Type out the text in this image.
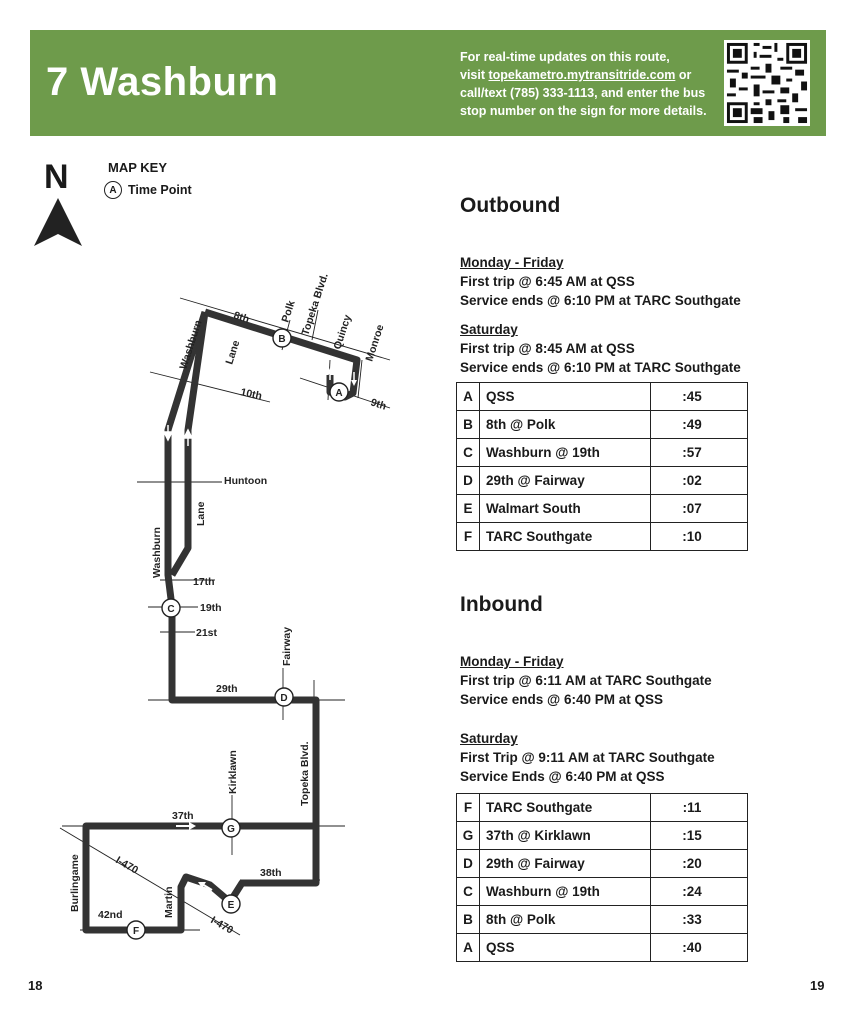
7 Washburn
For real-time updates on this route,
visit topekametro.mytransitride.com or
call/text (785) 333-1113, and enter the bus
stop number on the sign for more details.
N	MAP KEY
A Time Point
Washburn Lane
8th	Polk Topeka Blvd. Quincy Monroe
10th
9th
Huntoon
Lane
Washburn
17th
19th
21st	Fairway
29th
Kirklawn	Topeka Blvd.
37th
Burlingame	I-470	38th
Martin
42nd	I-470
A
B
C
D
E
F
G
Outbound
Monday - Friday
First trip @ 6:45 AM at QSS
Service ends @ 6:10 PM at TARC Southgate
Saturday
First trip @ 8:45 AM at QSS
Service ends @ 6:10 PM at TARC Southgate
A	QSS	:45
B	8th @ Polk	:49
C	Washburn @ 19th	:57
D	29th @ Fairway	:02
E	Walmart South	:07
F	TARC Southgate	:10
Inbound
Monday - Friday
First trip @ 6:11 AM at TARC Southgate
Service ends @ 6:40 PM at QSS
Saturday
First Trip @ 9:11 AM at TARC Southgate
Service Ends @ 6:40 PM at QSS
F	TARC Southgate	:11
G	37th @ Kirklawn	:15
D	29th @ Fairway	:20
C	Washburn @ 19th	:24
B	8th @ Polk	:33
A	QSS	:40
18	19
